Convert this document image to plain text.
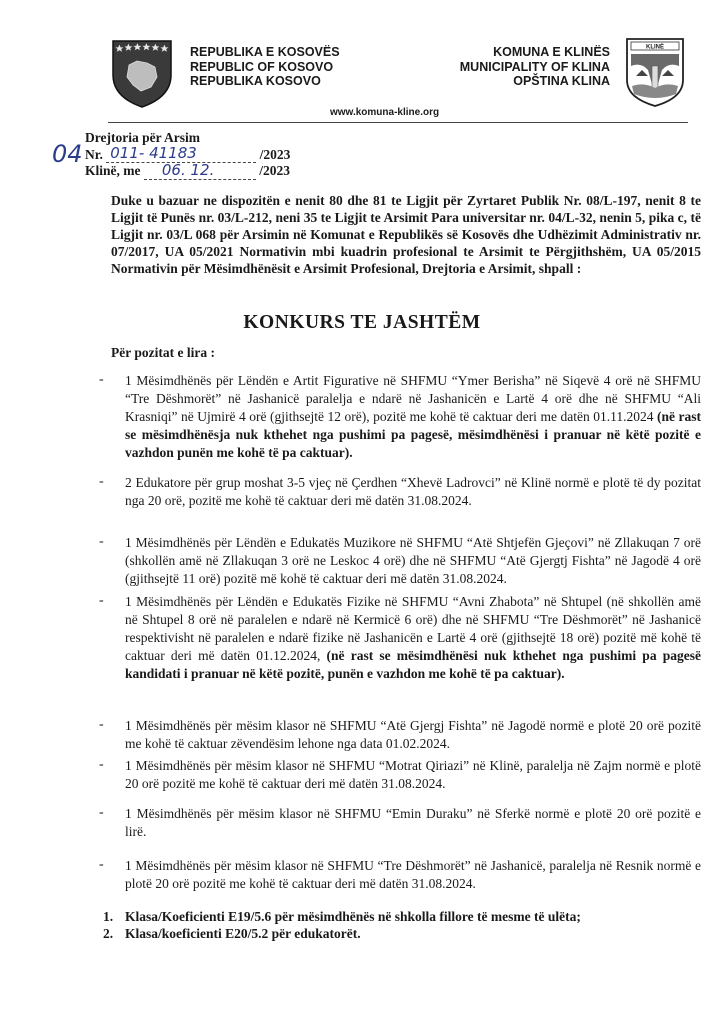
REPUBLIKA E KOSOVËS
REPUBLIC OF KOSOVO
REPUBLIKA KOSOVO
KOMUNA E KLINËS
MUNICIPALITY OF KLINA
OPŠTINA KLINA
KLINË
www.komuna-kline.org
04
Drejtoria për Arsim
Nr. 011- 41183	/2023
Klinë, me 06. 12.	/2023
Duke u bazuar ne dispozitën e nenit 80 dhe 81 te Ligjit për Zyrtaret Publik Nr. 08/L-197, nenit 8 te Ligjit të Punës nr. 03/L-212, neni 35 te Ligjit te Arsimit Para universitar nr. 04/L-32, nenin 5, pika c, të Ligjit nr. 03/L 068 për Arsimin në Komunat e Republikës së Kosovës dhe Udhëzimit Administrativ nr. 07/2017, UA 05/2021 Normativin mbi kuadrin profesional te Arsimit te Përgjithshëm, UA 05/2015 Normativin për Mësimdhënësit e Arsimit Profesional, Drejtoria e Arsimit, shpall :
KONKURS TE JASHTËM
Për pozitat e lira :
- 1 Mësimdhënës për Lëndën e Artit Figurative në SHFMU “Ymer Berisha” në Siqevë 4 orë në SHFMU “Tre Dëshmorët” në Jashanicë paralelja e ndarë në Jashanicën e Lartë 4 orë dhe në SHFMU “Ali Krasniqi” në Ujmirë 4 orë (gjithsejtë 12 orë), pozitë me kohë të caktuar deri me datën 01.11.2024 (në rast se mësimdhënësja nuk kthehet nga pushimi pa pagesë, mësimdhënësi i pranuar në këtë pozitë e vazhdon punën me kohë të pa caktuar).
- 2 Edukatore për grup moshat 3-5 vjeç në Çerdhen “Xhevë Ladrovci” në Klinë normë e plotë të dy pozitat nga 20 orë, pozitë me kohë të caktuar deri më datën 31.08.2024.
- 1 Mësimdhënës për Lëndën e Edukatës Muzikore në SHFMU “Atë Shtjefën Gjeçovi” në Zllakuqan 7 orë (shkollën amë në Zllakuqan 3 orë ne Leskoc 4 orë) dhe në SHFMU “Atë Gjergtj Fishta” në Jagodë 4 orë (gjithsejtë 11 orë) pozitë më kohë të caktuar deri më datën 31.08.2024.
- 1 Mësimdhënës për Lëndën e Edukatës Fizike në SHFMU “Avni Zhabota” në Shtupel (në shkollën amë në Shtupel 8 orë në paralelen e ndarë në Kermicë 6 orë) dhe në SHFMU “Tre Dëshmorët” në Jashanicë respektivisht në paralelen e ndarë fizike në Jashanicën e Lartë 4 orë (gjithsejtë 18 orë) pozitë më kohë të caktuar deri më datën 01.12.2024, (në rast se mësimdhënësi nuk kthehet nga pushimi pa pagesë kandidati i pranuar në këtë pozitë, punën e vazhdon me kohë të pa caktuar).
- 1 Mësimdhënës për mësim klasor në SHFMU “Atë Gjergj Fishta” në Jagodë normë e plotë 20 orë pozitë me kohë të caktuar zëvendësim lehone nga data 01.02.2024.
- 1 Mësimdhënës për mësim klasor në SHFMU “Motrat Qiriazi” në Klinë, paralelja në Zajm normë e plotë 20 orë pozitë me kohë të caktuar deri më datën 31.08.2024.
- 1 Mësimdhënës për mësim klasor në SHFMU “Emin Duraku” në Sferkë normë e plotë 20 orë pozitë e lirë.
- 1 Mësimdhënës për mësim klasor në SHFMU “Tre Dëshmorët” në Jashanicë, paralelja në Resnik normë e plotë 20 orë pozitë me kohë të caktuar deri më datën 31.08.2024.
1. Klasa/Koeficienti E19/5.6 për mësimdhënës në shkolla fillore të mesme të ulëta;
2. Klasa/koeficienti E20/5.2 për edukatorët.
